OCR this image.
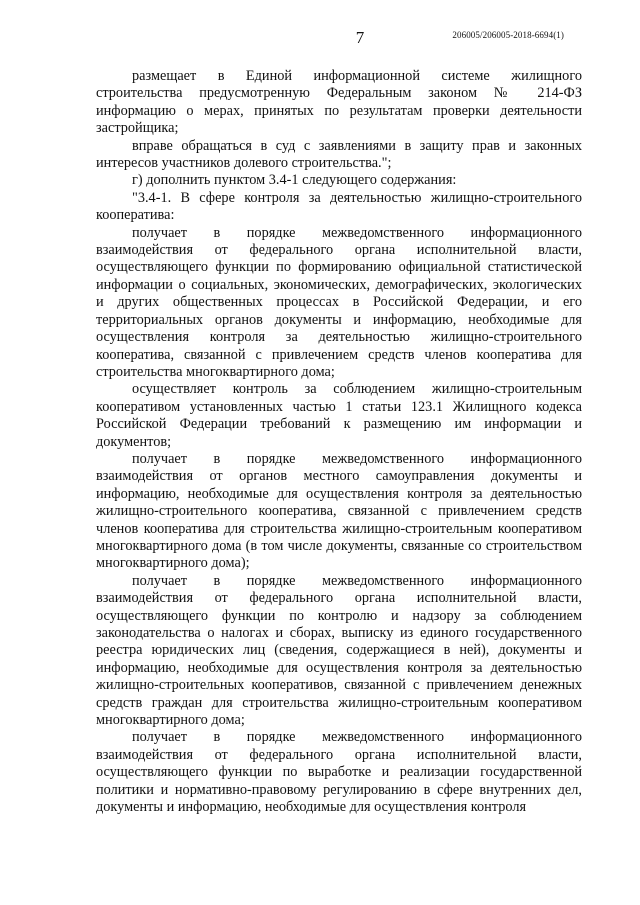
7	206005/206005-2018-6694(1)

размещает в Единой информационной системе жилищного строительства предусмотренную Федеральным законом № 214-ФЗ информацию о мерах, принятых по результатам проверки деятельности застройщика;

вправе обращаться в суд с заявлениями в защиту прав и законных интересов участников долевого строительства.";

г) дополнить пунктом 3.4-1 следующего содержания:

"3.4-1. В сфере контроля за деятельностью жилищно-строительного кооператива:

получает в порядке межведомственного информационного взаимодействия от федерального органа исполнительной власти, осуществляющего функции по формированию официальной статистической информации о социальных, экономических, демографических, экологических и других общественных процессах в Российской Федерации, и его территориальных органов документы и информацию, необходимые для осуществления контроля за деятельностью жилищно-строительного кооператива, связанной с привлечением средств членов кооператива для строительства многоквартирного дома;

осуществляет контроль за соблюдением жилищно-строительным кооперативом установленных частью 1 статьи 123.1 Жилищного кодекса Российской Федерации требований к размещению им информации и документов;

получает в порядке межведомственного информационного взаимодействия от органов местного самоуправления документы и информацию, необходимые для осуществления контроля за деятельностью жилищно-строительного кооператива, связанной с привлечением средств членов кооператива для строительства жилищно-строительным кооперативом многоквартирного дома (в том числе документы, связанные со строительством многоквартирного дома);

получает в порядке межведомственного информационного взаимодействия от федерального органа исполнительной власти, осуществляющего функции по контролю и надзору за соблюдением законодательства о налогах и сборах, выписку из единого государственного реестра юридических лиц (сведения, содержащиеся в ней), документы и информацию, необходимые для осуществления контроля за деятельностью жилищно-строительных кооперативов, связанной с привлечением денежных средств граждан для строительства жилищно-строительным кооперативом многоквартирного дома;

получает в порядке межведомственного информационного взаимодействия от федерального органа исполнительной власти, осуществляющего функции по выработке и реализации государственной политики и нормативно-правовому регулированию в сфере внутренних дел, документы и информацию, необходимые для осуществления контроля
